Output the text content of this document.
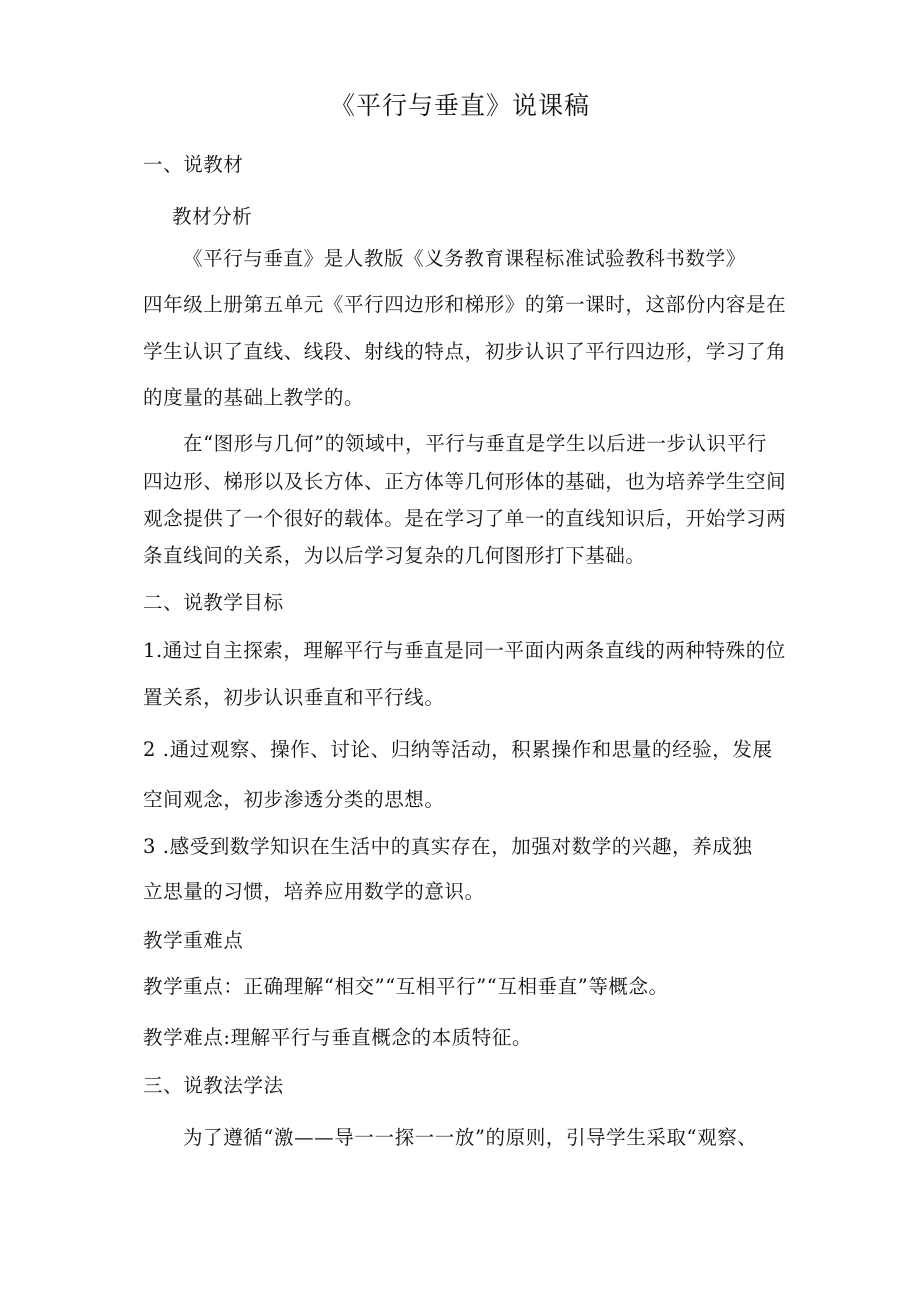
《平行与垂直》说课稿
一、说教材
教材分析
《平行与垂直》是人教版《义务教育课程标准试验教科书数学》
四年级上册第五单元《平行四边形和梯形》的第一课时，这部份内容是在
学生认识了直线、线段、射线的特点，初步认识了平行四边形，学习了角
的度量的基础上教学的。
在“图形与几何”的领域中，平行与垂直是学生以后进一步认识平行
四边形、梯形以及长方体、正方体等几何形体的基础，也为培养学生空间
观念提供了一个很好的载体。是在学习了单一的直线知识后，开始学习两
条直线间的关系，为以后学习复杂的几何图形打下基础。
二、说教学目标
1.通过自主探索，理解平行与垂直是同一平面内两条直线的两种特殊的位
置关系，初步认识垂直和平行线。
2 .通过观察、操作、讨论、归纳等活动，积累操作和思量的经验，发展
空间观念，初步渗透分类的思想。
3 .感受到数学知识在生活中的真实存在，加强对数学的兴趣，养成独
立思量的习惯，培养应用数学的意识。
教学重难点
教学重点：正确理解“相交”“互相平行”“互相垂直”等概念。
教学难点:理解平行与垂直概念的本质特征。
三、说教法学法
为了遵循“激——导一一探一一放”的原则，引导学生采取“观察、
